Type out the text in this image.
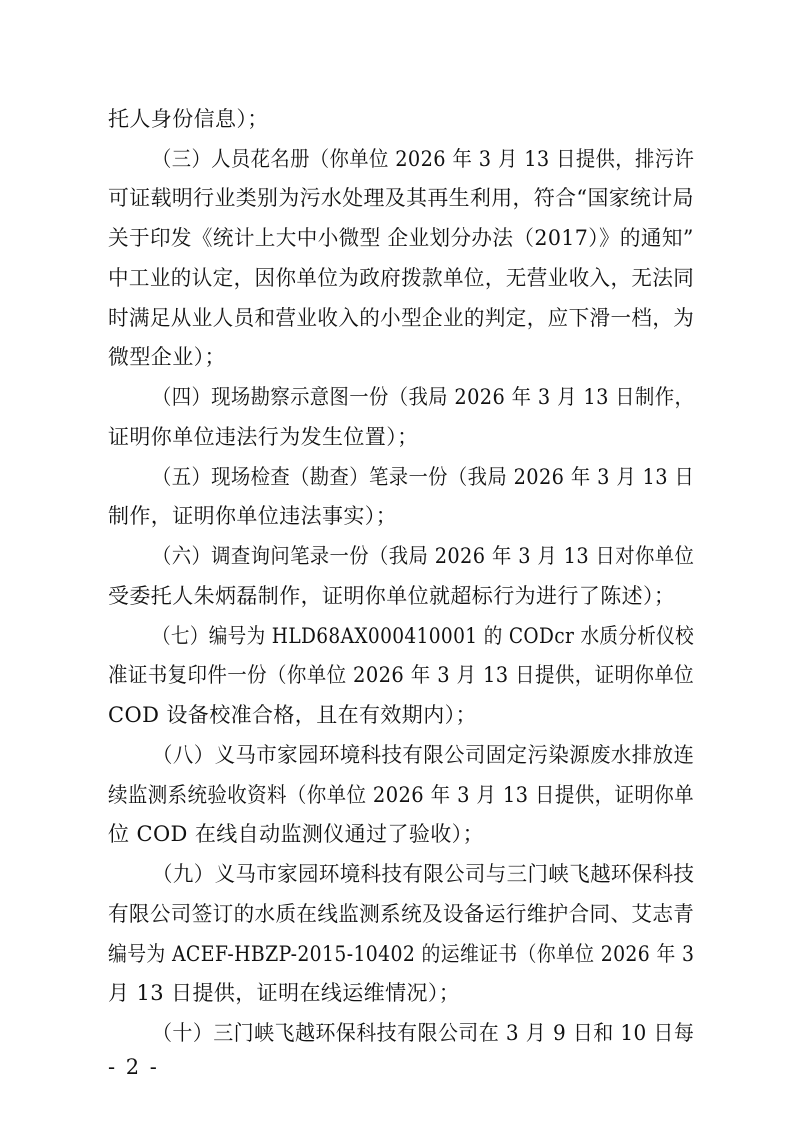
托人身份信息）；
（三）人员花名册（你单位 2026 年 3 月 13 日提供，排污许
可证载明行业类别为污水处理及其再生利用，符合“国家统计局
关于印发《统计上大中小微型 企业划分办法（2017）》的通知”
中工业的认定，因你单位为政府拨款单位，无营业收入，无法同
时满足从业人员和营业收入的小型企业的判定，应下滑一档，为
微型企业）；
（四）现场勘察示意图一份（我局 2026 年 3 月 13 日制作，
证明你单位违法行为发生位置）；
（五）现场检查（勘查）笔录一份（我局 2026 年 3 月 13 日
制作，证明你单位违法事实）；
（六）调查询问笔录一份（我局 2026 年 3 月 13 日对你单位
受委托人朱炳磊制作，证明你单位就超标行为进行了陈述）；
（七）编号为 HLD68AX000410001 的 CODcr 水质分析仪校
准证书复印件一份（你单位 2026 年 3 月 13 日提供，证明你单位
COD 设备校准合格，且在有效期内）；
（八）义马市家园环境科技有限公司固定污染源废水排放连
续监测系统验收资料（你单位 2026 年 3 月 13 日提供，证明你单
位 COD 在线自动监测仪通过了验收）；
（九）义马市家园环境科技有限公司与三门峡飞越环保科技
有限公司签订的水质在线监测系统及设备运行维护合同、艾志青
编号为 ACEF-HBZP-2015-10402 的运维证书（你单位 2026 年 3
月 13 日提供，证明在线运维情况）；
（十）三门峡飞越环保科技有限公司在 3 月 9 日和 10 日每
- 2 -
